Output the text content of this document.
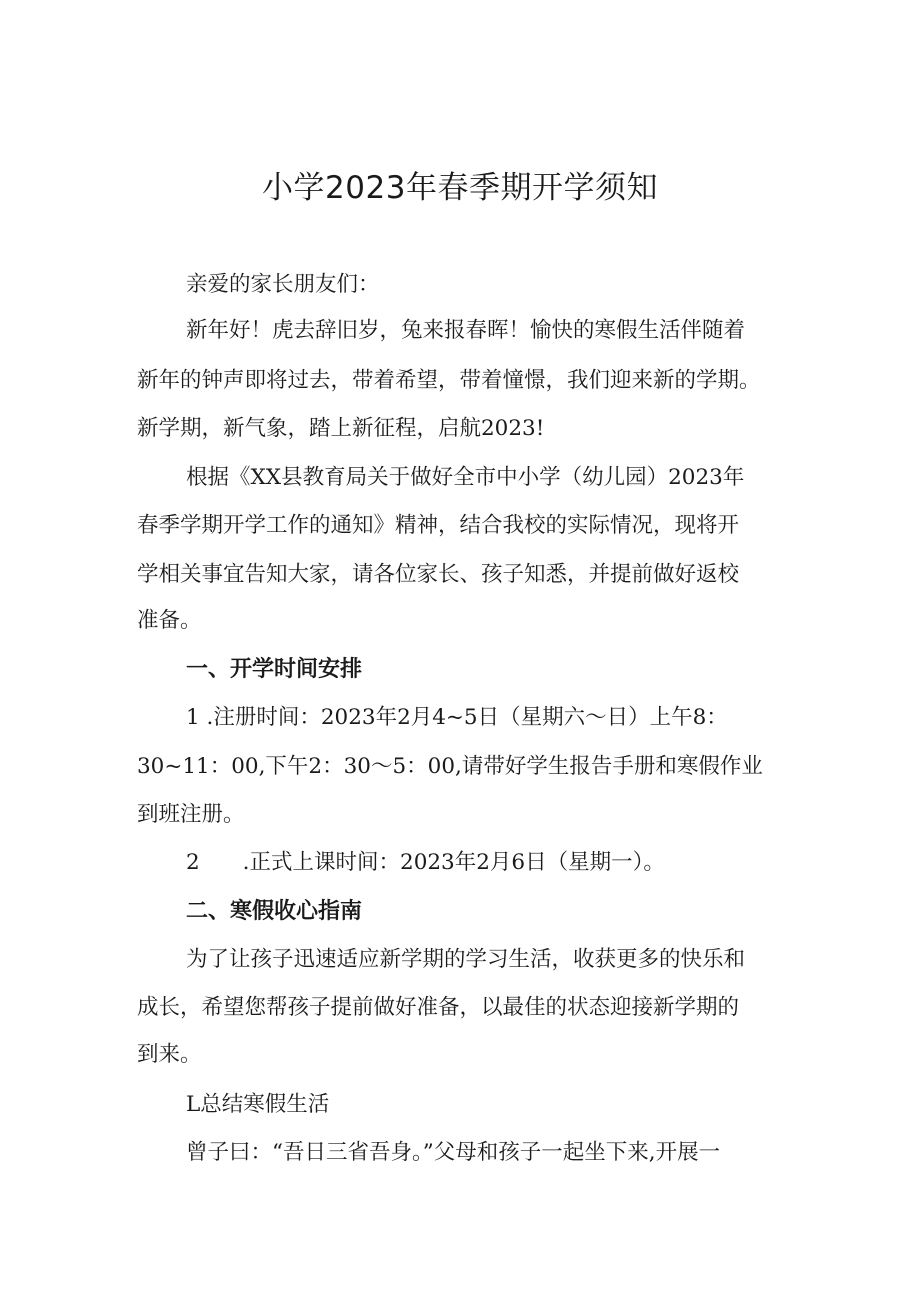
小学2023年春季期开学须知
亲爱的家长朋友们：
新年好！虎去辞旧岁，兔来报春晖！愉快的寒假生活伴随着
新年的钟声即将过去，带着希望，带着憧憬，我们迎来新的学期。
新学期，新气象，踏上新征程，启航2023!
根据《XX县教育局关于做好全市中小学（幼儿园）2023年
春季学期开学工作的通知》精神，结合我校的实际情况，现将开
学相关事宜告知大家，请各位家长、孩子知悉，并提前做好返校
准备。
一、开学时间安排
1 .注册时间：2023年2月4~5日（星期六～日）上午8：
30~11：00,下午2：30～5：00,请带好学生报告手册和寒假作业
到班注册。
2　　.正式上课时间：2023年2月6日（星期一）。
二、寒假收心指南
为了让孩子迅速适应新学期的学习生活，收获更多的快乐和
成长，希望您帮孩子提前做好准备，以最佳的状态迎接新学期的
到来。
L总结寒假生活
曾子曰：“吾日三省吾身。”父母和孩子一起坐下来,开展一
